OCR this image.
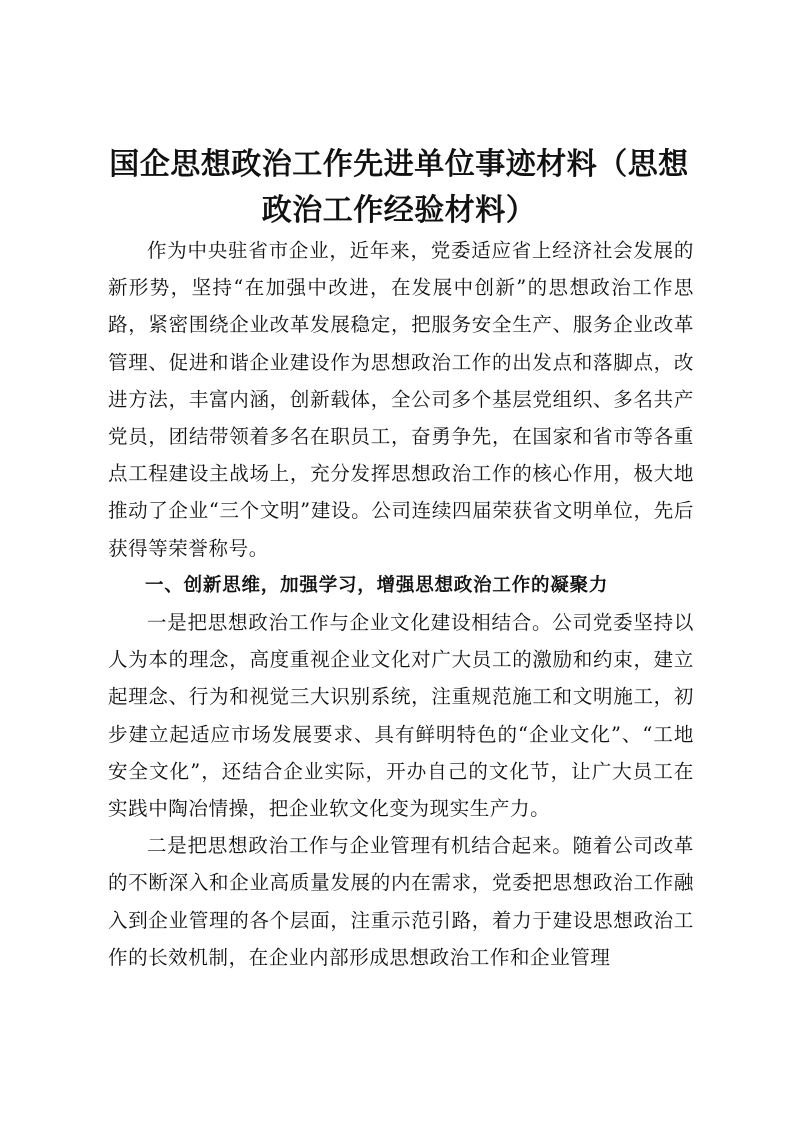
国企思想政治工作先进单位事迹材料（思想政治工作经验材料）

作为中央驻省市企业，近年来，党委适应省上经济社会发展的新形势，坚持“在加强中改进，在发展中创新”的思想政治工作思路，紧密围绕企业改革发展稳定，把服务安全生产、服务企业改革管理、促进和谐企业建设作为思想政治工作的出发点和落脚点，改进方法，丰富内涵，创新载体，全公司多个基层党组织、多名共产党员，团结带领着多名在职员工，奋勇争先，在国家和省市等各重点工程建设主战场上，充分发挥思想政治工作的核心作用，极大地推动了企业“三个文明”建设。公司连续四届荣获省文明单位，先后获得等荣誉称号。

一、创新思维，加强学习，增强思想政治工作的凝聚力

一是把思想政治工作与企业文化建设相结合。公司党委坚持以人为本的理念，高度重视企业文化对广大员工的激励和约束，建立起理念、行为和视觉三大识别系统，注重规范施工和文明施工，初步建立起适应市场发展要求、具有鲜明特色的“企业文化”、“工地安全文化”，还结合企业实际，开办自己的文化节，让广大员工在实践中陶冶情操，把企业软文化变为现实生产力。

二是把思想政治工作与企业管理有机结合起来。随着公司改革的不断深入和企业高质量发展的内在需求，党委把思想政治工作融入到企业管理的各个层面，注重示范引路，着力于建设思想政治工作的长效机制，在企业内部形成思想政治工作和企业管理
